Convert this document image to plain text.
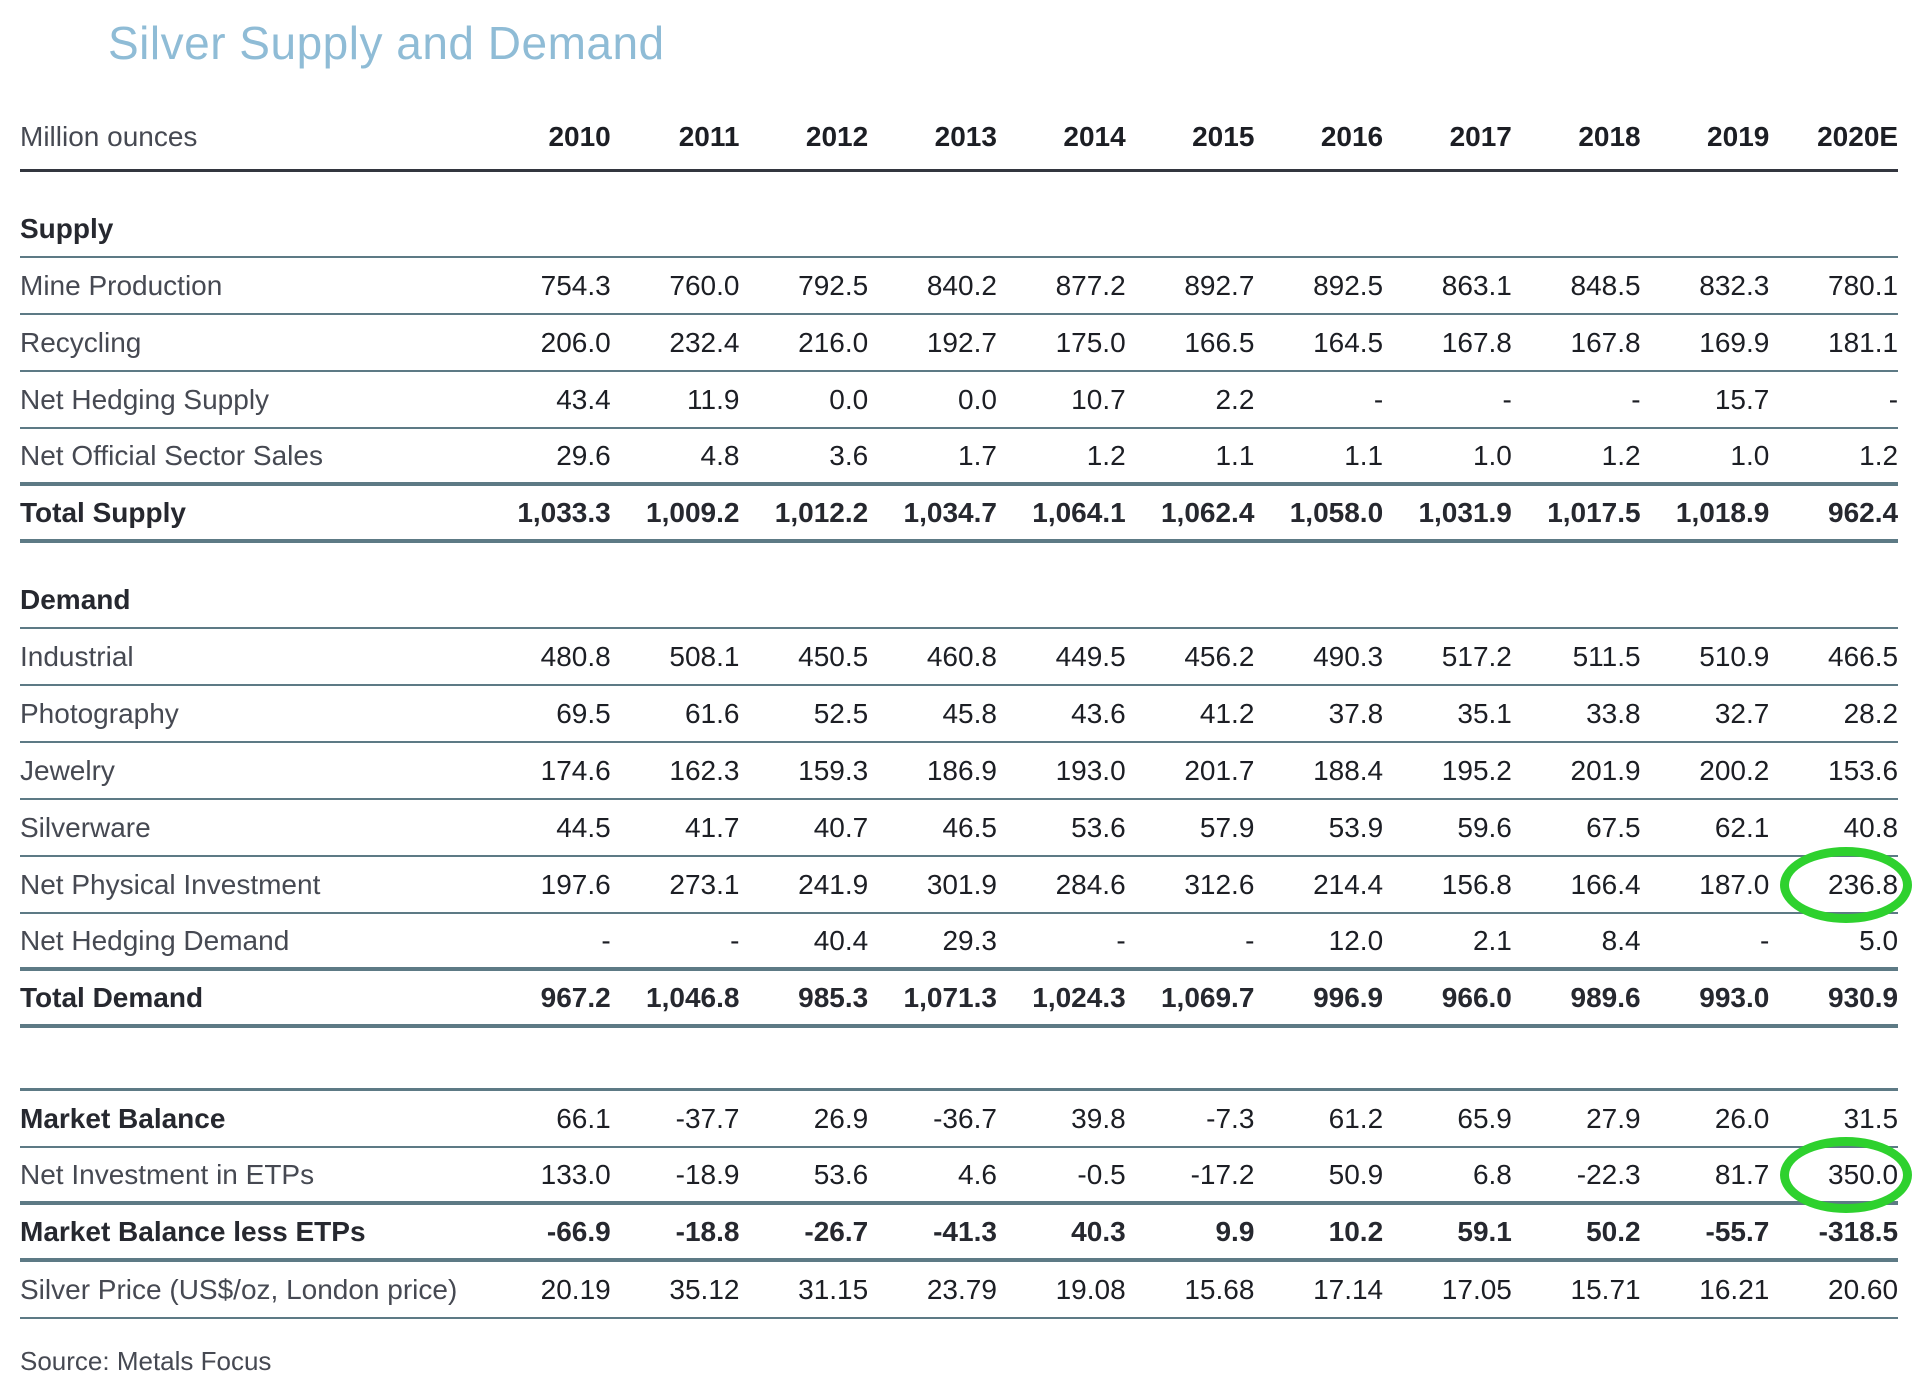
Silver Supply and Demand
Million ounces	2010	2011	2012	2013	2014	2015	2016	2017	2018	2019	2020E
Supply
Mine Production	754.3	760.0	792.5	840.2	877.2	892.7	892.5	863.1	848.5	832.3	780.1
Recycling	206.0	232.4	216.0	192.7	175.0	166.5	164.5	167.8	167.8	169.9	181.1
Net Hedging Supply	43.4	11.9	0.0	0.0	10.7	2.2	-	-	-	15.7	-
Net Official Sector Sales	29.6	4.8	3.6	1.7	1.2	1.1	1.1	1.0	1.2	1.0	1.2
Total Supply	1,033.3	1,009.2	1,012.2	1,034.7	1,064.1	1,062.4	1,058.0	1,031.9	1,017.5	1,018.9	962.4
Demand
Industrial	480.8	508.1	450.5	460.8	449.5	456.2	490.3	517.2	511.5	510.9	466.5
Photography	69.5	61.6	52.5	45.8	43.6	41.2	37.8	35.1	33.8	32.7	28.2
Jewelry	174.6	162.3	159.3	186.9	193.0	201.7	188.4	195.2	201.9	200.2	153.6
Silverware	44.5	41.7	40.7	46.5	53.6	57.9	53.9	59.6	67.5	62.1	40.8
Net Physical Investment	197.6	273.1	241.9	301.9	284.6	312.6	214.4	156.8	166.4	187.0	236.8
Net Hedging Demand	-	-	40.4	29.3	-	-	12.0	2.1	8.4	-	5.0
Total Demand	967.2	1,046.8	985.3	1,071.3	1,024.3	1,069.7	996.9	966.0	989.6	993.0	930.9
Market Balance	66.1	-37.7	26.9	-36.7	39.8	-7.3	61.2	65.9	27.9	26.0	31.5
Net Investment in ETPs	133.0	-18.9	53.6	4.6	-0.5	-17.2	50.9	6.8	-22.3	81.7	350.0
Market Balance less ETPs	-66.9	-18.8	-26.7	-41.3	40.3	9.9	10.2	59.1	50.2	-55.7	-318.5
Silver Price (US$/oz, London price)	20.19	35.12	31.15	23.79	19.08	15.68	17.14	17.05	15.71	16.21	20.60
Source: Metals Focus
